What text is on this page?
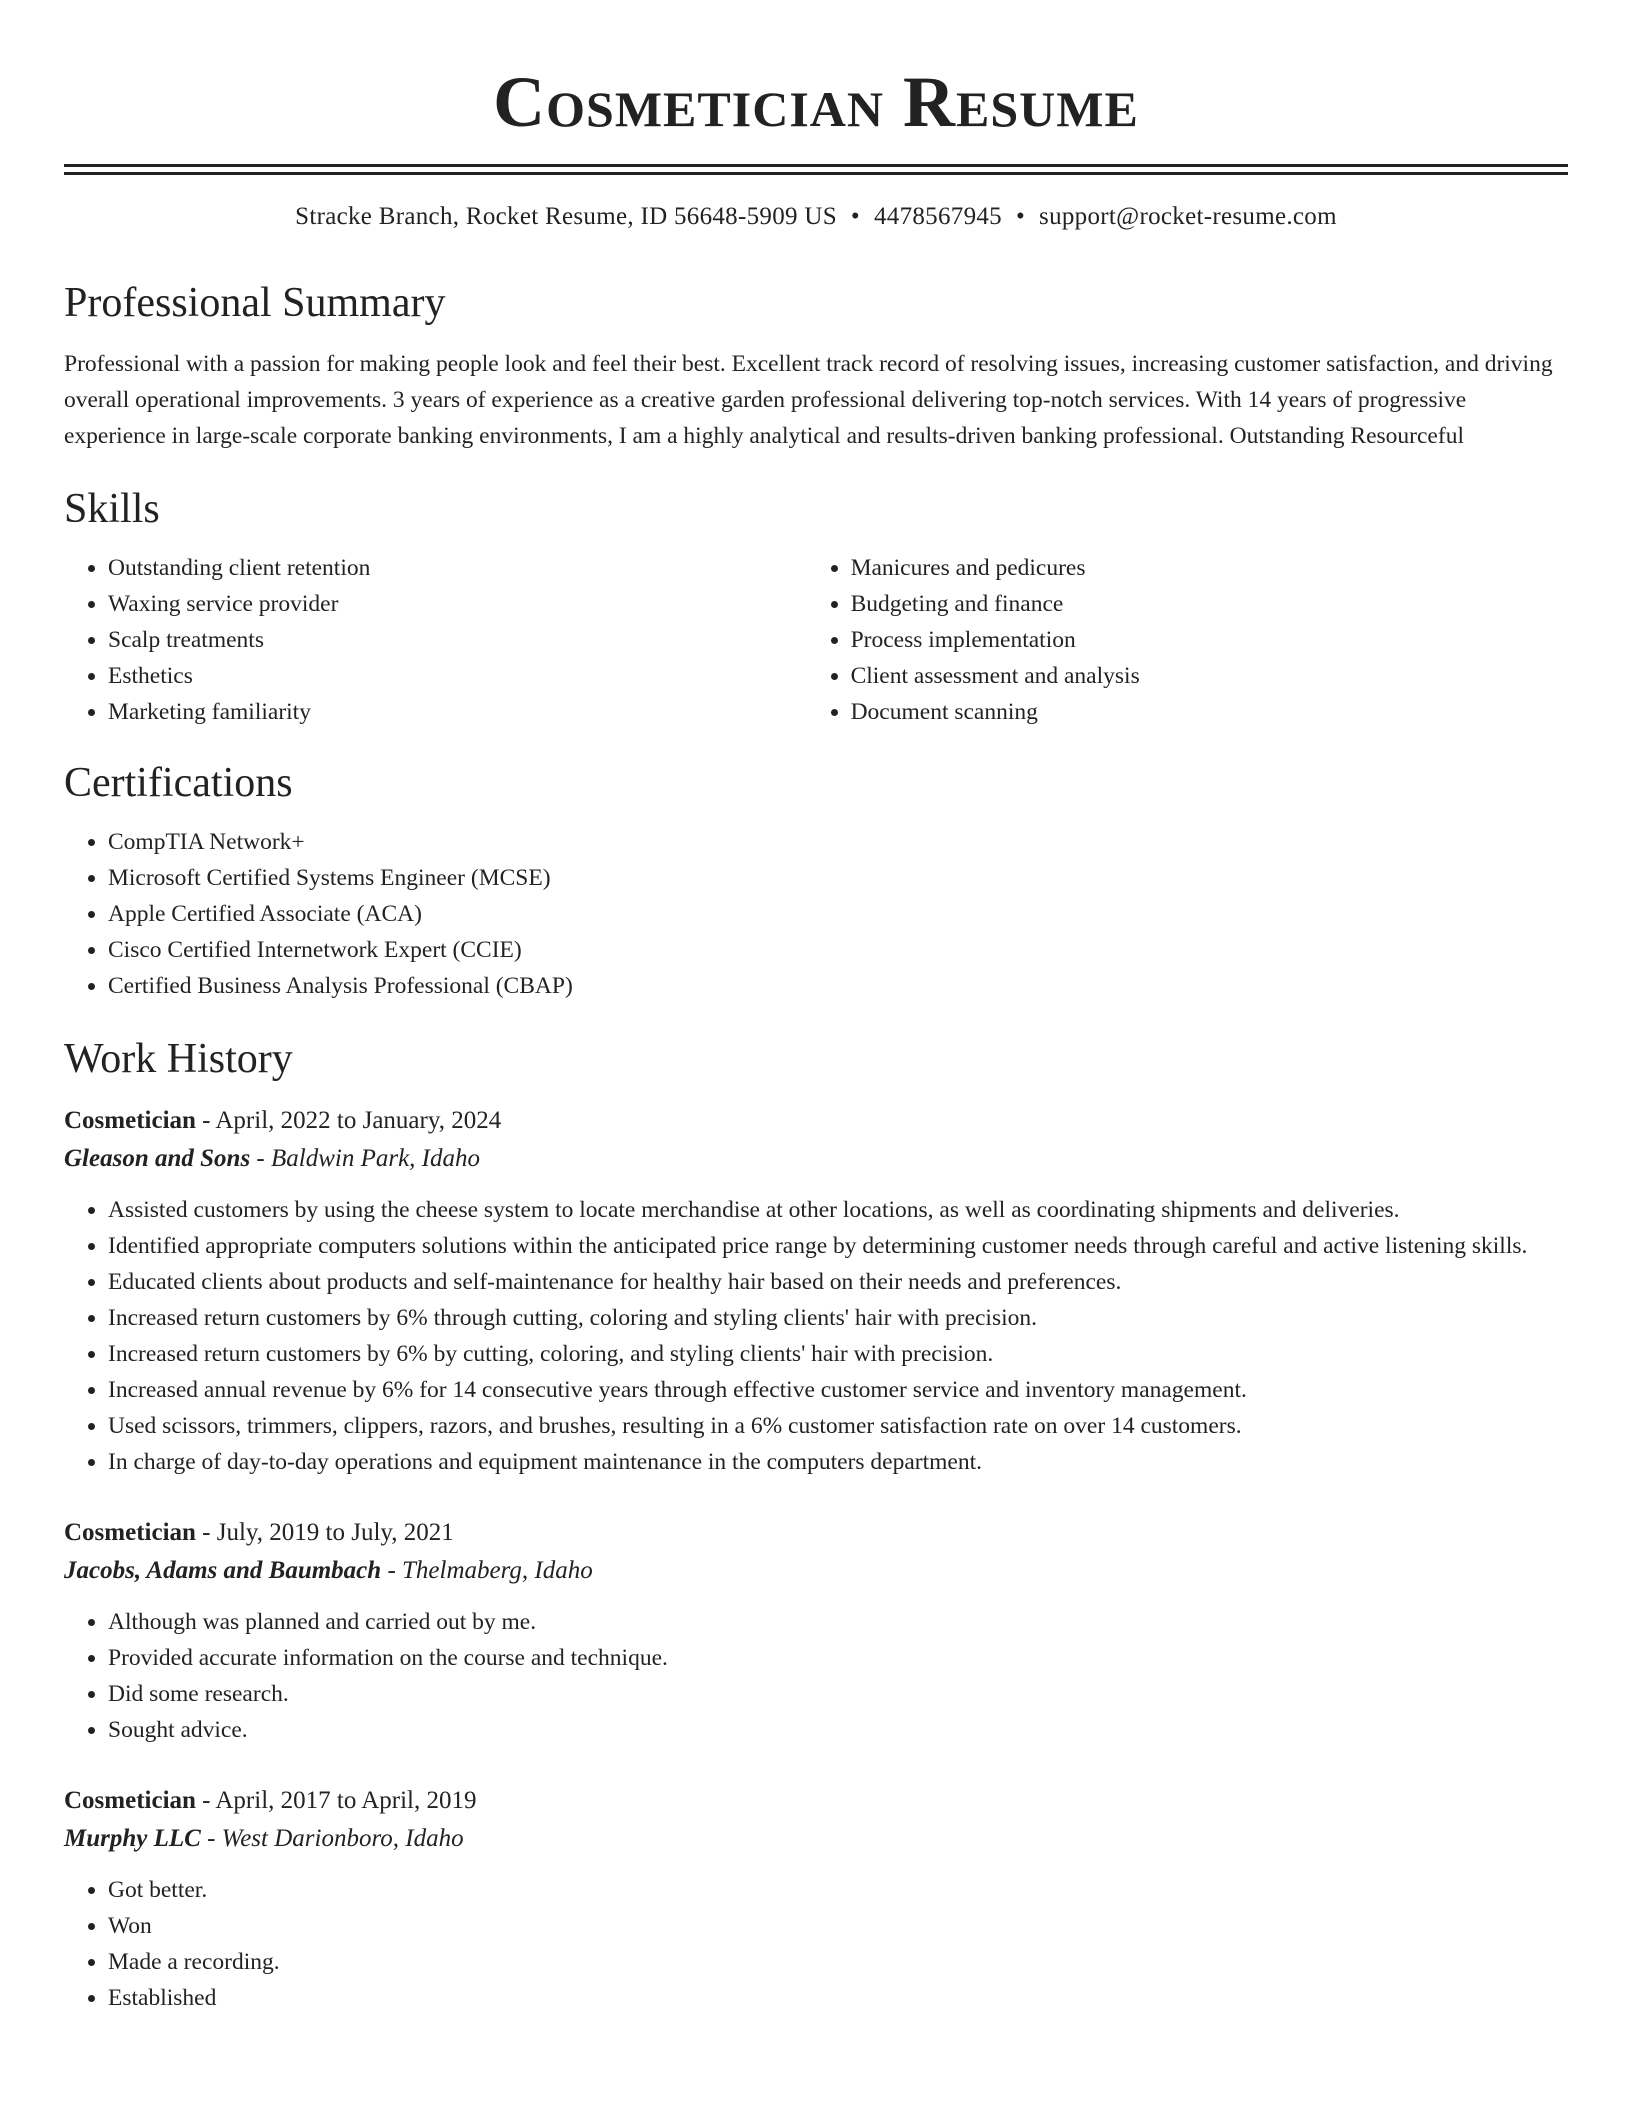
Cosmetician Resume
Stracke Branch, Rocket Resume, ID 56648-5909 US • 4478567945 • support@rocket-resume.com
Professional Summary

Professional with a passion for making people look and feel their best. Excellent track record of resolving issues, increasing customer satisfaction, and driving overall operational improvements. 3 years of experience as a creative garden professional delivering top-notch services. With 14 years of progressive experience in large-scale corporate banking environments, I am a highly analytical and results-driven banking professional. Outstanding Resourceful

Skills
• Outstanding client retention
• Waxing service provider
• Scalp treatments
• Esthetics
• Marketing familiarity
• Manicures and pedicures
• Budgeting and finance
• Process implementation
• Client assessment and analysis
• Document scanning
Certifications
• CompTIA Network+
• Microsoft Certified Systems Engineer (MCSE)
• Apple Certified Associate (ACA)
• Cisco Certified Internetwork Expert (CCIE)
• Certified Business Analysis Professional (CBAP)
Work History
Cosmetician - April, 2022 to January, 2024
Gleason and Sons - Baldwin Park, Idaho
• Assisted customers by using the cheese system to locate merchandise at other locations, as well as coordinating shipments and deliveries.
• Identified appropriate computers solutions within the anticipated price range by determining customer needs through careful and active listening skills.
• Educated clients about products and self-maintenance for healthy hair based on their needs and preferences.
• Increased return customers by 6% through cutting, coloring and styling clients' hair with precision.
• Increased return customers by 6% by cutting, coloring, and styling clients' hair with precision.
• Increased annual revenue by 6% for 14 consecutive years through effective customer service and inventory management.
• Used scissors, trimmers, clippers, razors, and brushes, resulting in a 6% customer satisfaction rate on over 14 customers.
• In charge of day-to-day operations and equipment maintenance in the computers department.
Cosmetician - July, 2019 to July, 2021
Jacobs, Adams and Baumbach - Thelmaberg, Idaho
• Although was planned and carried out by me.
• Provided accurate information on the course and technique.
• Did some research.
• Sought advice.
Cosmetician - April, 2017 to April, 2019
Murphy LLC - West Darionboro, Idaho
• Got better.
• Won
• Made a recording.
• Established
